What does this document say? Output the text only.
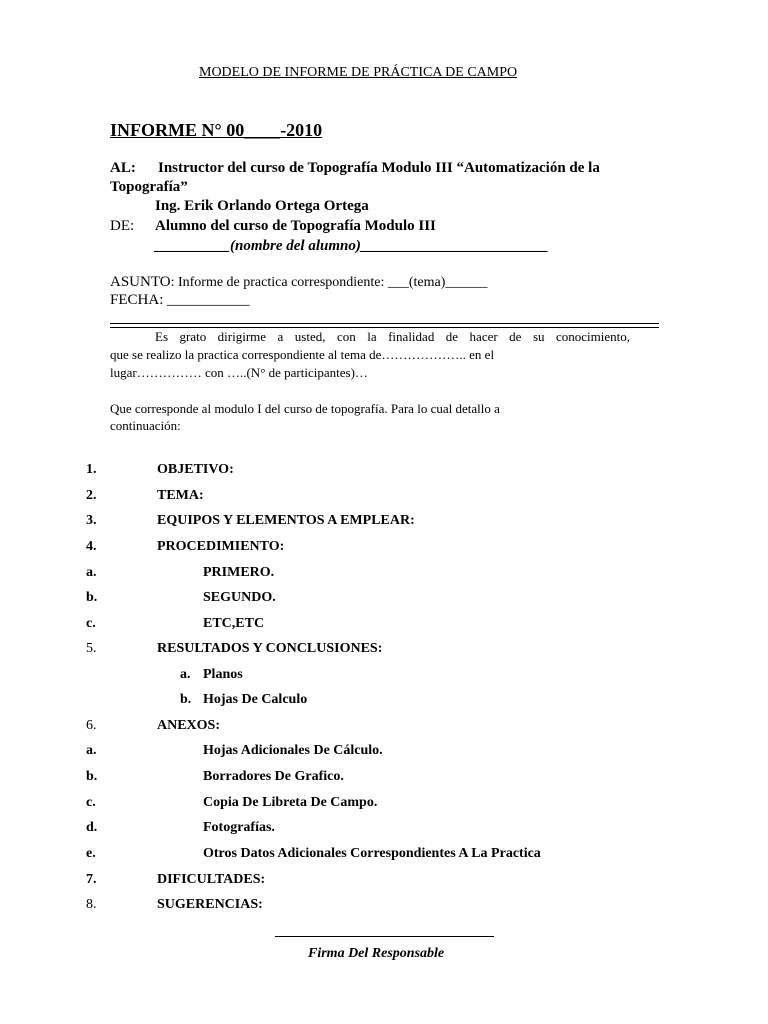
MODELO DE INFORME DE PRÁCTICA DE CAMPO
INFORME N° 00____-2010
AL: Instructor del curso de Topografía Modulo III “Automatización de la
Topografía”
Ing. Erik Orlando Ortega Ortega
DE: Alumno del curso de Topografía Modulo III
__________(nombre del alumno)_________________________
ASUNTO: Informe de practica correspondiente: ___(tema)______
FECHA: ___________
Es grato dirigirme a usted, con la finalidad de hacer de su conocimiento,
que se realizo la practica correspondiente al tema de……………….. en el
lugar…………… con …..(N° de participantes)…
Que corresponde al modulo I del curso de topografía. Para lo cual detallo a
continuación:
1.	OBJETIVO:
2.	TEMA:
3.	EQUIPOS Y ELEMENTOS A EMPLEAR:
4.	PROCEDIMIENTO:
a.	PRIMERO.
b.	SEGUNDO.
c.	ETC,ETC
5.	RESULTADOS Y CONCLUSIONES:
a. Planos
b. Hojas De Calculo
6.	ANEXOS:
a.	Hojas Adicionales De Cálculo.
b.	Borradores De Grafico.
c.	Copia De Libreta De Campo.
d.	Fotografías.
e.	Otros Datos Adicionales Correspondientes A La Practica
7.	DIFICULTADES:
8.	SUGERENCIAS:
Firma Del Responsable
